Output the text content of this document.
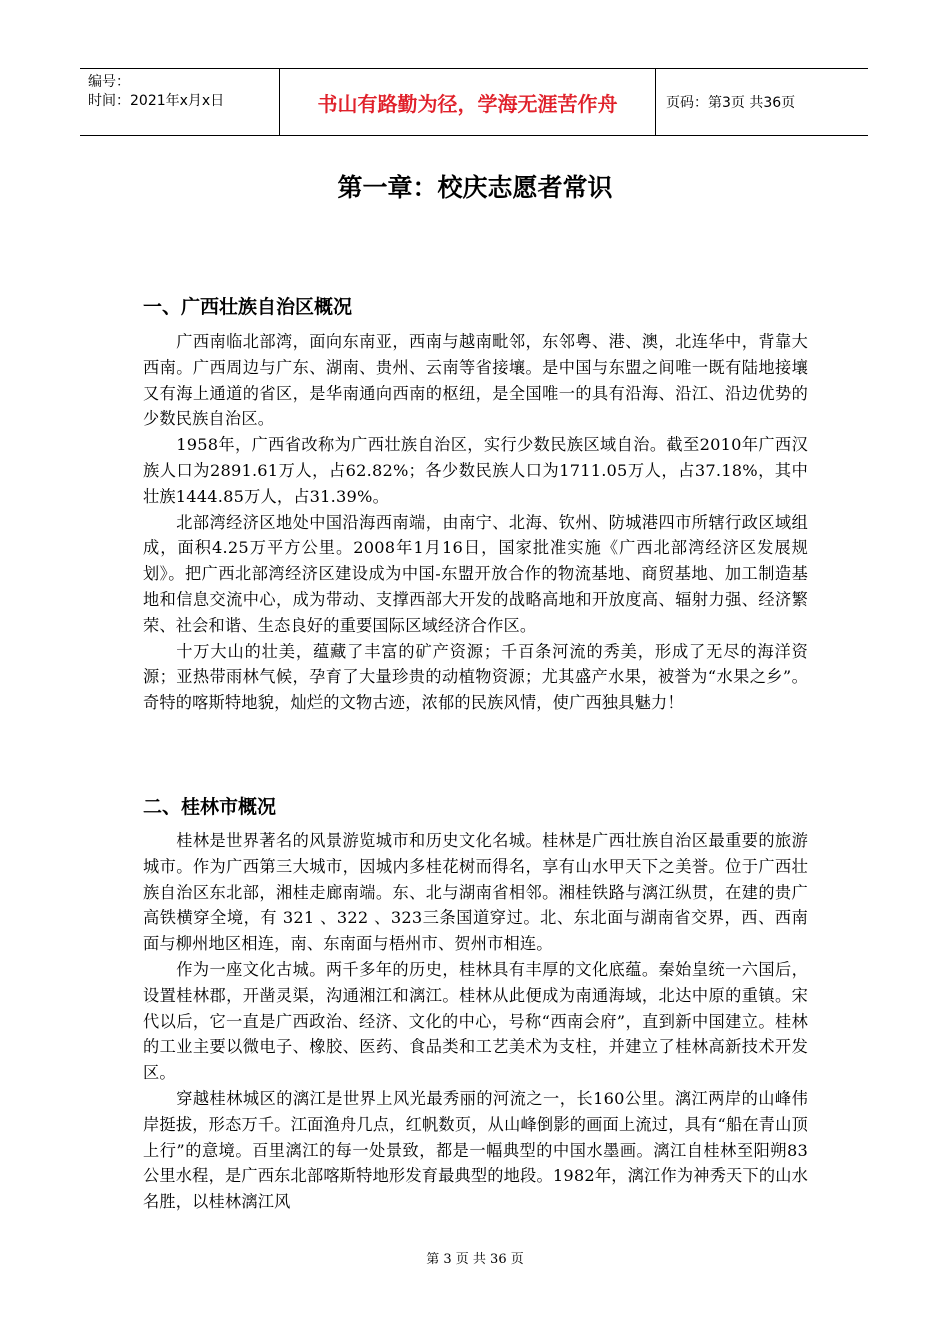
编号：
时间：2021年x月x日	书山有路勤为径，学海无涯苦作舟	页码：第3页 共36页
第一章：校庆志愿者常识
一、广西壮族自治区概况

广西南临北部湾，面向东南亚，西南与越南毗邻，东邻粤、港、澳，北连华中，背靠大西南。广西周边与广东、湖南、贵州、云南等省接壤。是中国与东盟之间唯一既有陆地接壤又有海上通道的省区，是华南通向西南的枢纽，是全国唯一的具有沿海、沿江、沿边优势的少数民族自治区。

1958年，广西省改称为广西壮族自治区，实行少数民族区域自治。截至2010年广西汉族人口为2891.61万人，占62.82%；各少数民族人口为1711.05万人，占37.18%，其中壮族1444.85万人，占31.39%。

北部湾经济区地处中国沿海西南端，由南宁、北海、钦州、防城港四市所辖行政区域组成，面积4.25万平方公里。2008年1月16日，国家批准实施《广西北部湾经济区发展规划》。把广西北部湾经济区建设成为中国-东盟开放合作的物流基地、商贸基地、加工制造基地和信息交流中心，成为带动、支撑西部大开发的战略高地和开放度高、辐射力强、经济繁荣、社会和谐、生态良好的重要国际区域经济合作区。

十万大山的壮美，蕴藏了丰富的矿产资源；千百条河流的秀美，形成了无尽的海洋资源；亚热带雨林气候，孕育了大量珍贵的动植物资源；尤其盛产水果，被誉为“水果之乡”。奇特的喀斯特地貌，灿烂的文物古迹，浓郁的民族风情，使广西独具魅力！

二、桂林市概况

桂林是世界著名的风景游览城市和历史文化名城。桂林是广西壮族自治区最重要的旅游城市。作为广西第三大城市，因城内多桂花树而得名，享有山水甲天下之美誉。位于广西壮族自治区东北部，湘桂走廊南端。东、北与湖南省相邻。湘桂铁路与漓江纵贯，在建的贵广高铁横穿全境，有 321 、322 、323三条国道穿过。北、东北面与湖南省交界，西、西南面与柳州地区相连，南、东南面与梧州市、贺州市相连。

作为一座文化古城。两千多年的历史，桂林具有丰厚的文化底蕴。秦始皇统一六国后，设置桂林郡，开凿灵渠，沟通湘江和漓江。桂林从此便成为南通海域，北达中原的重镇。宋代以后，它一直是广西政治、经济、文化的中心，号称“西南会府”，直到新中国建立。桂林的工业主要以微电子、橡胶、医药、食品类和工艺美术为支柱，并建立了桂林高新技术开发区。

穿越桂林城区的漓江是世界上风光最秀丽的河流之一，长160公里。漓江两岸的山峰伟岸挺拔，形态万千。江面渔舟几点，红帆数页，从山峰倒影的画面上流过，具有“船在青山顶上行”的意境。百里漓江的每一处景致，都是一幅典型的中国水墨画。漓江自桂林至阳朔83公里水程，是广西东北部喀斯特地形发育最典型的地段。1982年，漓江作为神秀天下的山水名胜，以桂林漓江风

第 3 页 共 36 页
